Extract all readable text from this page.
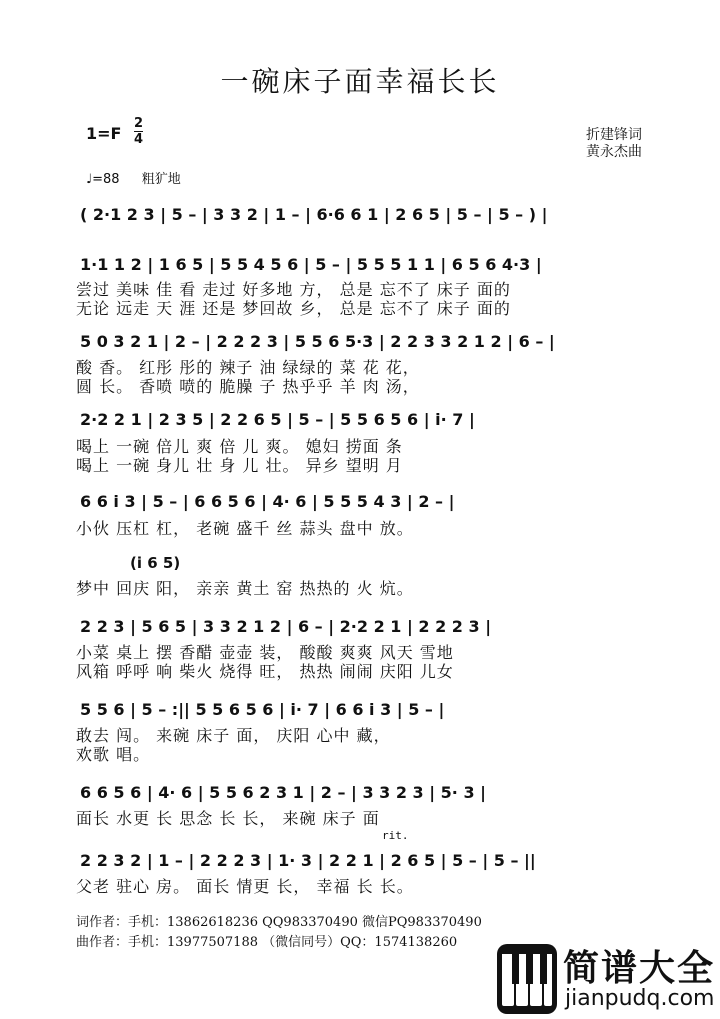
一碗床子面幸福长长
1=F
2
4	折建锋词
黄永杰曲
♩=88 粗犷地
( 2·1 2 3 | 5 – | 3 3 2 | 1 – | 6·6 6 1 | 2 6 5 | 5 – | 5 – ) |
1·1 1 2 | 1 6 5 | 5 5 4 5 6 | 5 – | 5 5 5 1 1 | 6 5 6 4·3 |
尝过 美味 佳 看 走过 好多地 方， 总是 忘不了 床子 面的
无论 远走 天 涯 还是 梦回故 乡， 总是 忘不了 床子 面的
5 0 3 2 1 | 2 – | 2 2 2 3 | 5 5 6 5·3 | 2 2 3 3 2 1 2 | 6 – |
酸 香。 红彤 彤的 辣子 油 绿绿的 菜 花 花，
圆 长。 香喷 喷的 脆臊 子 热乎乎 羊 肉 汤，
2·2 2 1 | 2 3 5 | 2 2 6 5 | 5 – | 5 5 6 5 6 | i· 7 |
喝上 一碗 倍儿 爽 倍 儿 爽。 媳妇 捞面 条
喝上 一碗 身儿 壮 身 儿 壮。 异乡 望明 月
6 6 i 3 | 5 – | 6 6 5 6 | 4· 6 | 5 5 5 4 3 | 2 – |
小伙 压杠 杠， 老碗 盛千 丝 蒜头 盘中 放。
(i 6 5)
梦中 回庆 阳， 亲亲 黄土 窑 热热的 火 炕。
2 2 3 | 5 6 5 | 3 3 2 1 2 | 6 – | 2·2 2 1 | 2 2 2 3 |
小菜 桌上 摆 香醋 壶壶 装， 酸酸 爽爽 风天 雪地
风箱 呼呼 响 柴火 烧得 旺， 热热 闹闹 庆阳 儿女
5 5 6 | 5 – :|| 5 5 6 5 6 | i· 7 | 6 6 i 3 | 5 – |
敢去 闯。 来碗 床子 面， 庆阳 心中 藏，
欢歌 唱。
6 6 5 6 | 4· 6 | 5 5 6 2 3 1 | 2 – | 3 3 2 3 | 5· 3 |
面长 水更 长 思念 长 长， 来碗 床子 面
rit.
2 2 3 2 | 1 – | 2 2 2 3 | 1· 3 | 2 2 1 | 2 6 5 | 5 – | 5 – ||
父老 驻心 房。 面长 情更 长， 幸福 长 长。
词作者：手机：13862618236 QQ983370490 微信PQ983370490
曲作者：手机：13977507188 （微信同号）QQ：1574138260
简谱大全
jianpudq.com
